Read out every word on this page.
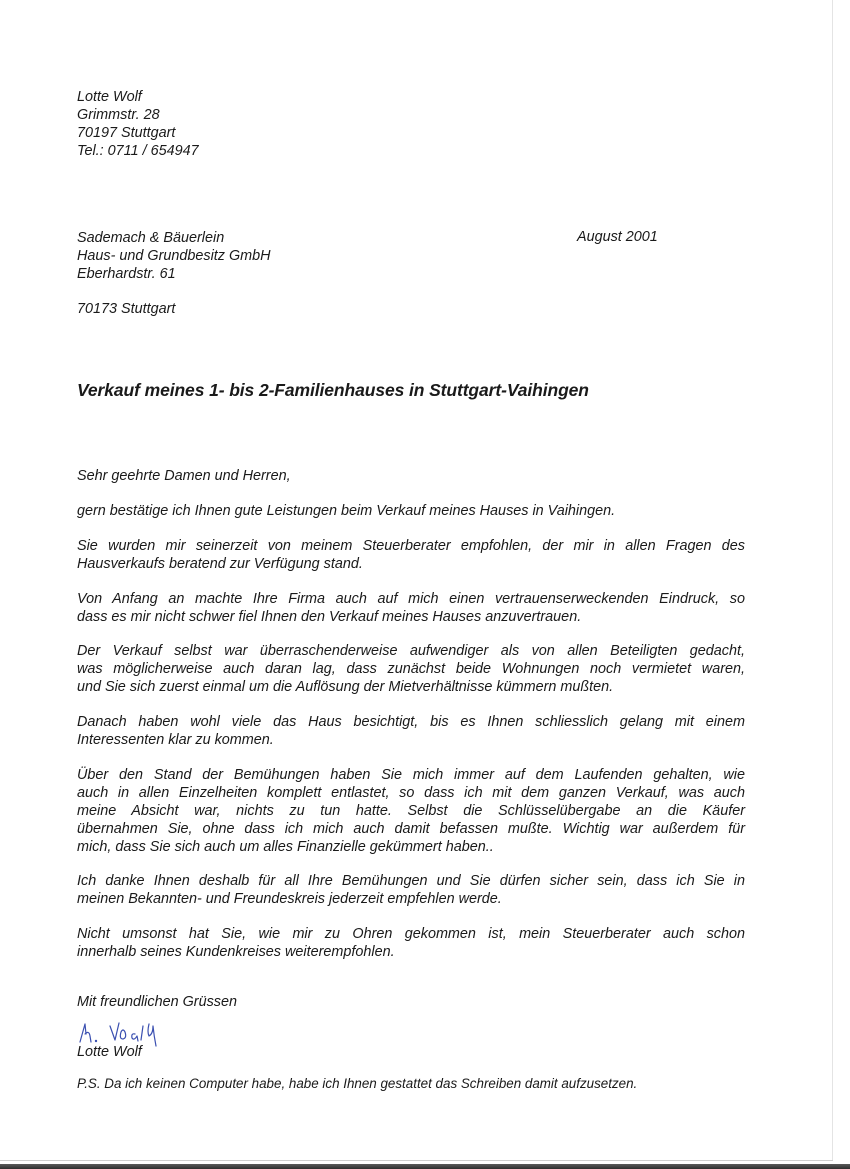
Lotte Wolf
Grimmstr. 28
70197 Stuttgart
Tel.: 0711 / 654947
Sademach & Bäuerlein
Haus- und Grundbesitz GmbH
Eberhardstr. 61
70173 Stuttgart
August 2001
Verkauf meines 1- bis 2-Familienhauses in Stuttgart-Vaihingen
Sehr geehrte Damen und Herren,
gern bestätige ich Ihnen gute Leistungen beim Verkauf meines Hauses in Vaihingen.
Sie wurden mir seinerzeit von meinem Steuerberater empfohlen, der mir in allen Fragen des
Hausverkaufs beratend zur Verfügung stand.
Von Anfang an machte Ihre Firma auch auf mich einen vertrauenserweckenden Eindruck, so
dass es mir nicht schwer fiel Ihnen den Verkauf meines Hauses anzuvertrauen.
Der Verkauf selbst war überraschenderweise aufwendiger als von allen Beteiligten gedacht,
was möglicherweise auch daran lag, dass zunächst beide Wohnungen noch vermietet waren,
und Sie sich zuerst einmal um die Auflösung der Mietverhältnisse kümmern mußten.
Danach haben wohl viele das Haus besichtigt, bis es Ihnen schliesslich gelang mit einem
Interessenten klar zu kommen.
Über den Stand der Bemühungen haben Sie mich immer auf dem Laufenden gehalten, wie
auch in allen Einzelheiten komplett entlastet, so dass ich mit dem ganzen Verkauf, was auch
meine Absicht war, nichts zu tun hatte. Selbst die Schlüsselübergabe an die Käufer
übernahmen Sie, ohne dass ich mich auch damit befassen mußte. Wichtig war außerdem für
mich, dass Sie sich auch um alles Finanzielle gekümmert haben..
Ich danke Ihnen deshalb für all Ihre Bemühungen und Sie dürfen sicher sein, dass ich Sie in
meinen Bekannten- und Freundeskreis jederzeit empfehlen werde.
Nicht umsonst hat Sie, wie mir zu Ohren gekommen ist, mein Steuerberater auch schon
innerhalb seines Kundenkreises weiterempfohlen.
Mit freundlichen Grüssen
Lotte Wolf
P.S. Da ich keinen Computer habe, habe ich Ihnen gestattet das Schreiben damit aufzusetzen.
